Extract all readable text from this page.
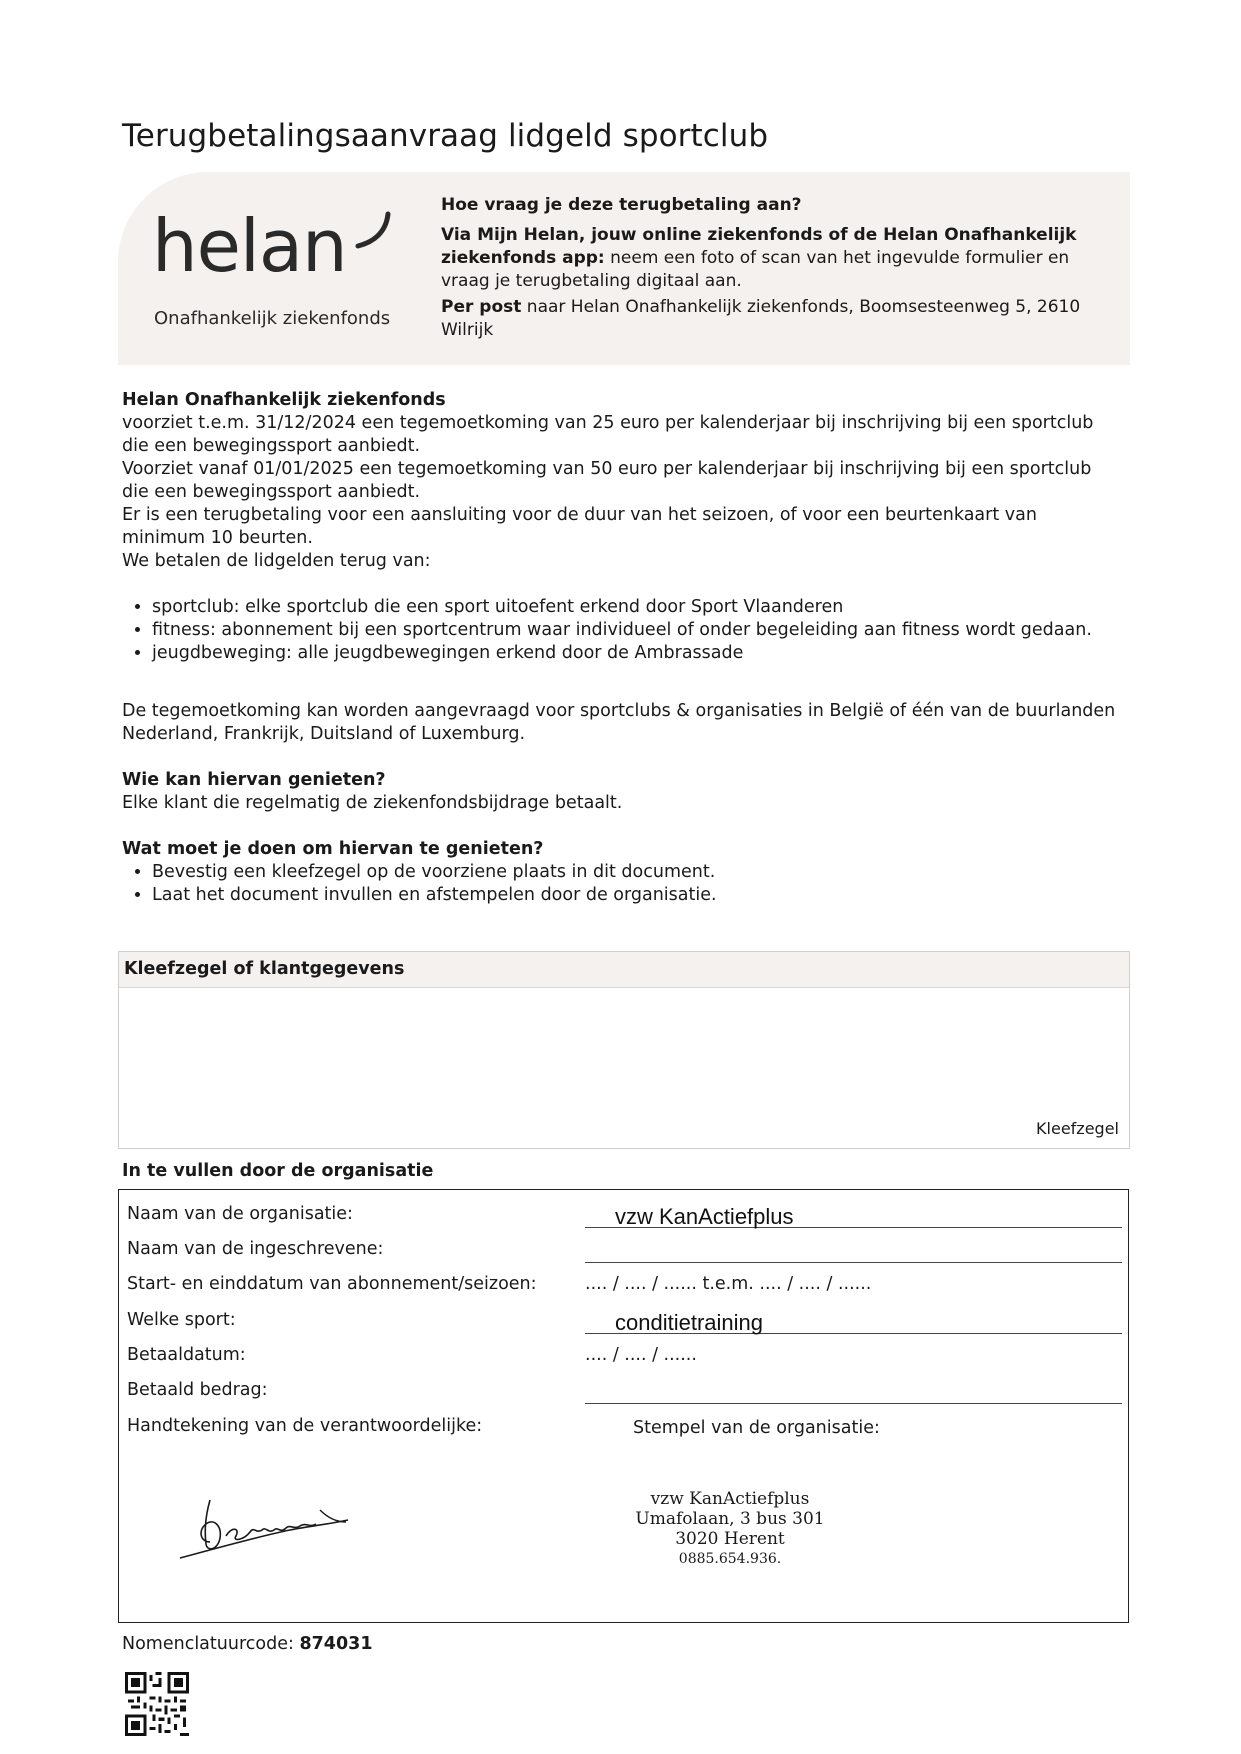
Terugbetalingsaanvraag lidgeld sportclub
helan
Onafhankelijk ziekenfonds

Hoe vraag je deze terugbetaling aan?

Via Mijn Helan, jouw online ziekenfonds of de Helan Onafhankelijk ziekenfonds app: neem een foto of scan van het ingevulde formulier en vraag je terugbetaling digitaal aan.

Per post naar Helan Onafhankelijk ziekenfonds, Boomsesteenweg 5, 2610 Wilrijk

Helan Onafhankelijk ziekenfonds

voorziet t.e.m. 31/12/2024 een tegemoetkoming van 25 euro per kalenderjaar bij inschrijving bij een sportclub die een bewegingssport aanbiedt.

Voorziet vanaf 01/01/2025 een tegemoetkoming van 50 euro per kalenderjaar bij inschrijving bij een sportclub die een bewegingssport aanbiedt.

Er is een terugbetaling voor een aansluiting voor de duur van het seizoen, of voor een beurtenkaart van minimum 10 beurten.

We betalen de lidgelden terug van:

• sportclub: elke sportclub die een sport uitoefent erkend door Sport Vlaanderen
• fitness: abonnement bij een sportcentrum waar individueel of onder begeleiding aan fitness wordt gedaan.
• jeugdbeweging: alle jeugdbewegingen erkend door de Ambrassade

De tegemoetkoming kan worden aangevraagd voor sportclubs & organisaties in België of één van de buurlanden Nederland, Frankrijk, Duitsland of Luxemburg.

Wie kan hiervan genieten?

Elke klant die regelmatig de ziekenfondsbijdrage betaalt.

Wat moet je doen om hiervan te genieten?

• Bevestig een kleefzegel op de voorziene plaats in dit document.
• Laat het document invullen en afstempelen door de organisatie.
Kleefzegel of klantgegevens
Kleefzegel
In te vullen door de organisatie
Naam van de organisatie:	vzw KanActiefplus
Naam van de ingeschrevene:
Start- en einddatum van abonnement/seizoen:	.... / .... / ...... t.e.m. .... / .... / ......
Welke sport:	conditietraining
Betaaldatum:	.... / .... / ......
Betaald bedrag:
Handtekening van de verantwoordelijke:	Stempel van de organisatie:
vzw KanActiefplus
Umafolaan, 3 bus 301
3020 Herent
0885.654.936.
Nomenclatuurcode: 874031
